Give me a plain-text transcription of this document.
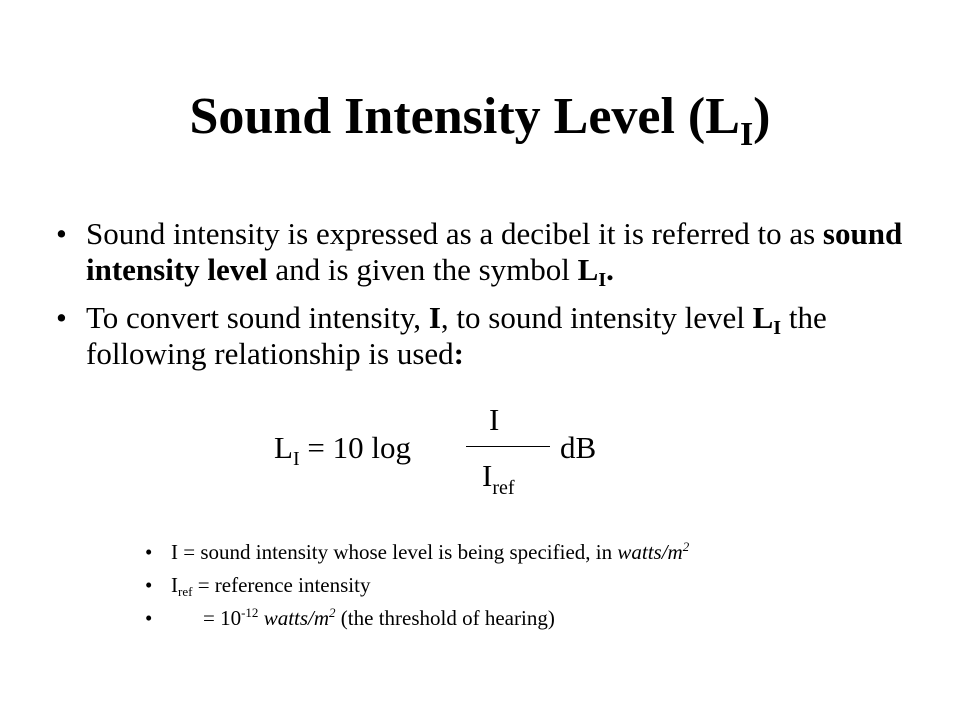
Sound Intensity Level $(L_I)$
• Sound intensity is expressed as a decibel it is referred to as sound intensity level and is given the symbol $L_I$.
• To convert sound intensity, I, to sound intensity level $L_I$ the following relationship is used:
$L_I = 10$ log
I
$I_{ref}$
dB
• I = sound intensity whose level is being specified, in watts/$m^2$
• $I_{ref}$ = reference intensity
• = $10^{-12}$ watts/$m^2$ (the threshold of hearing)
